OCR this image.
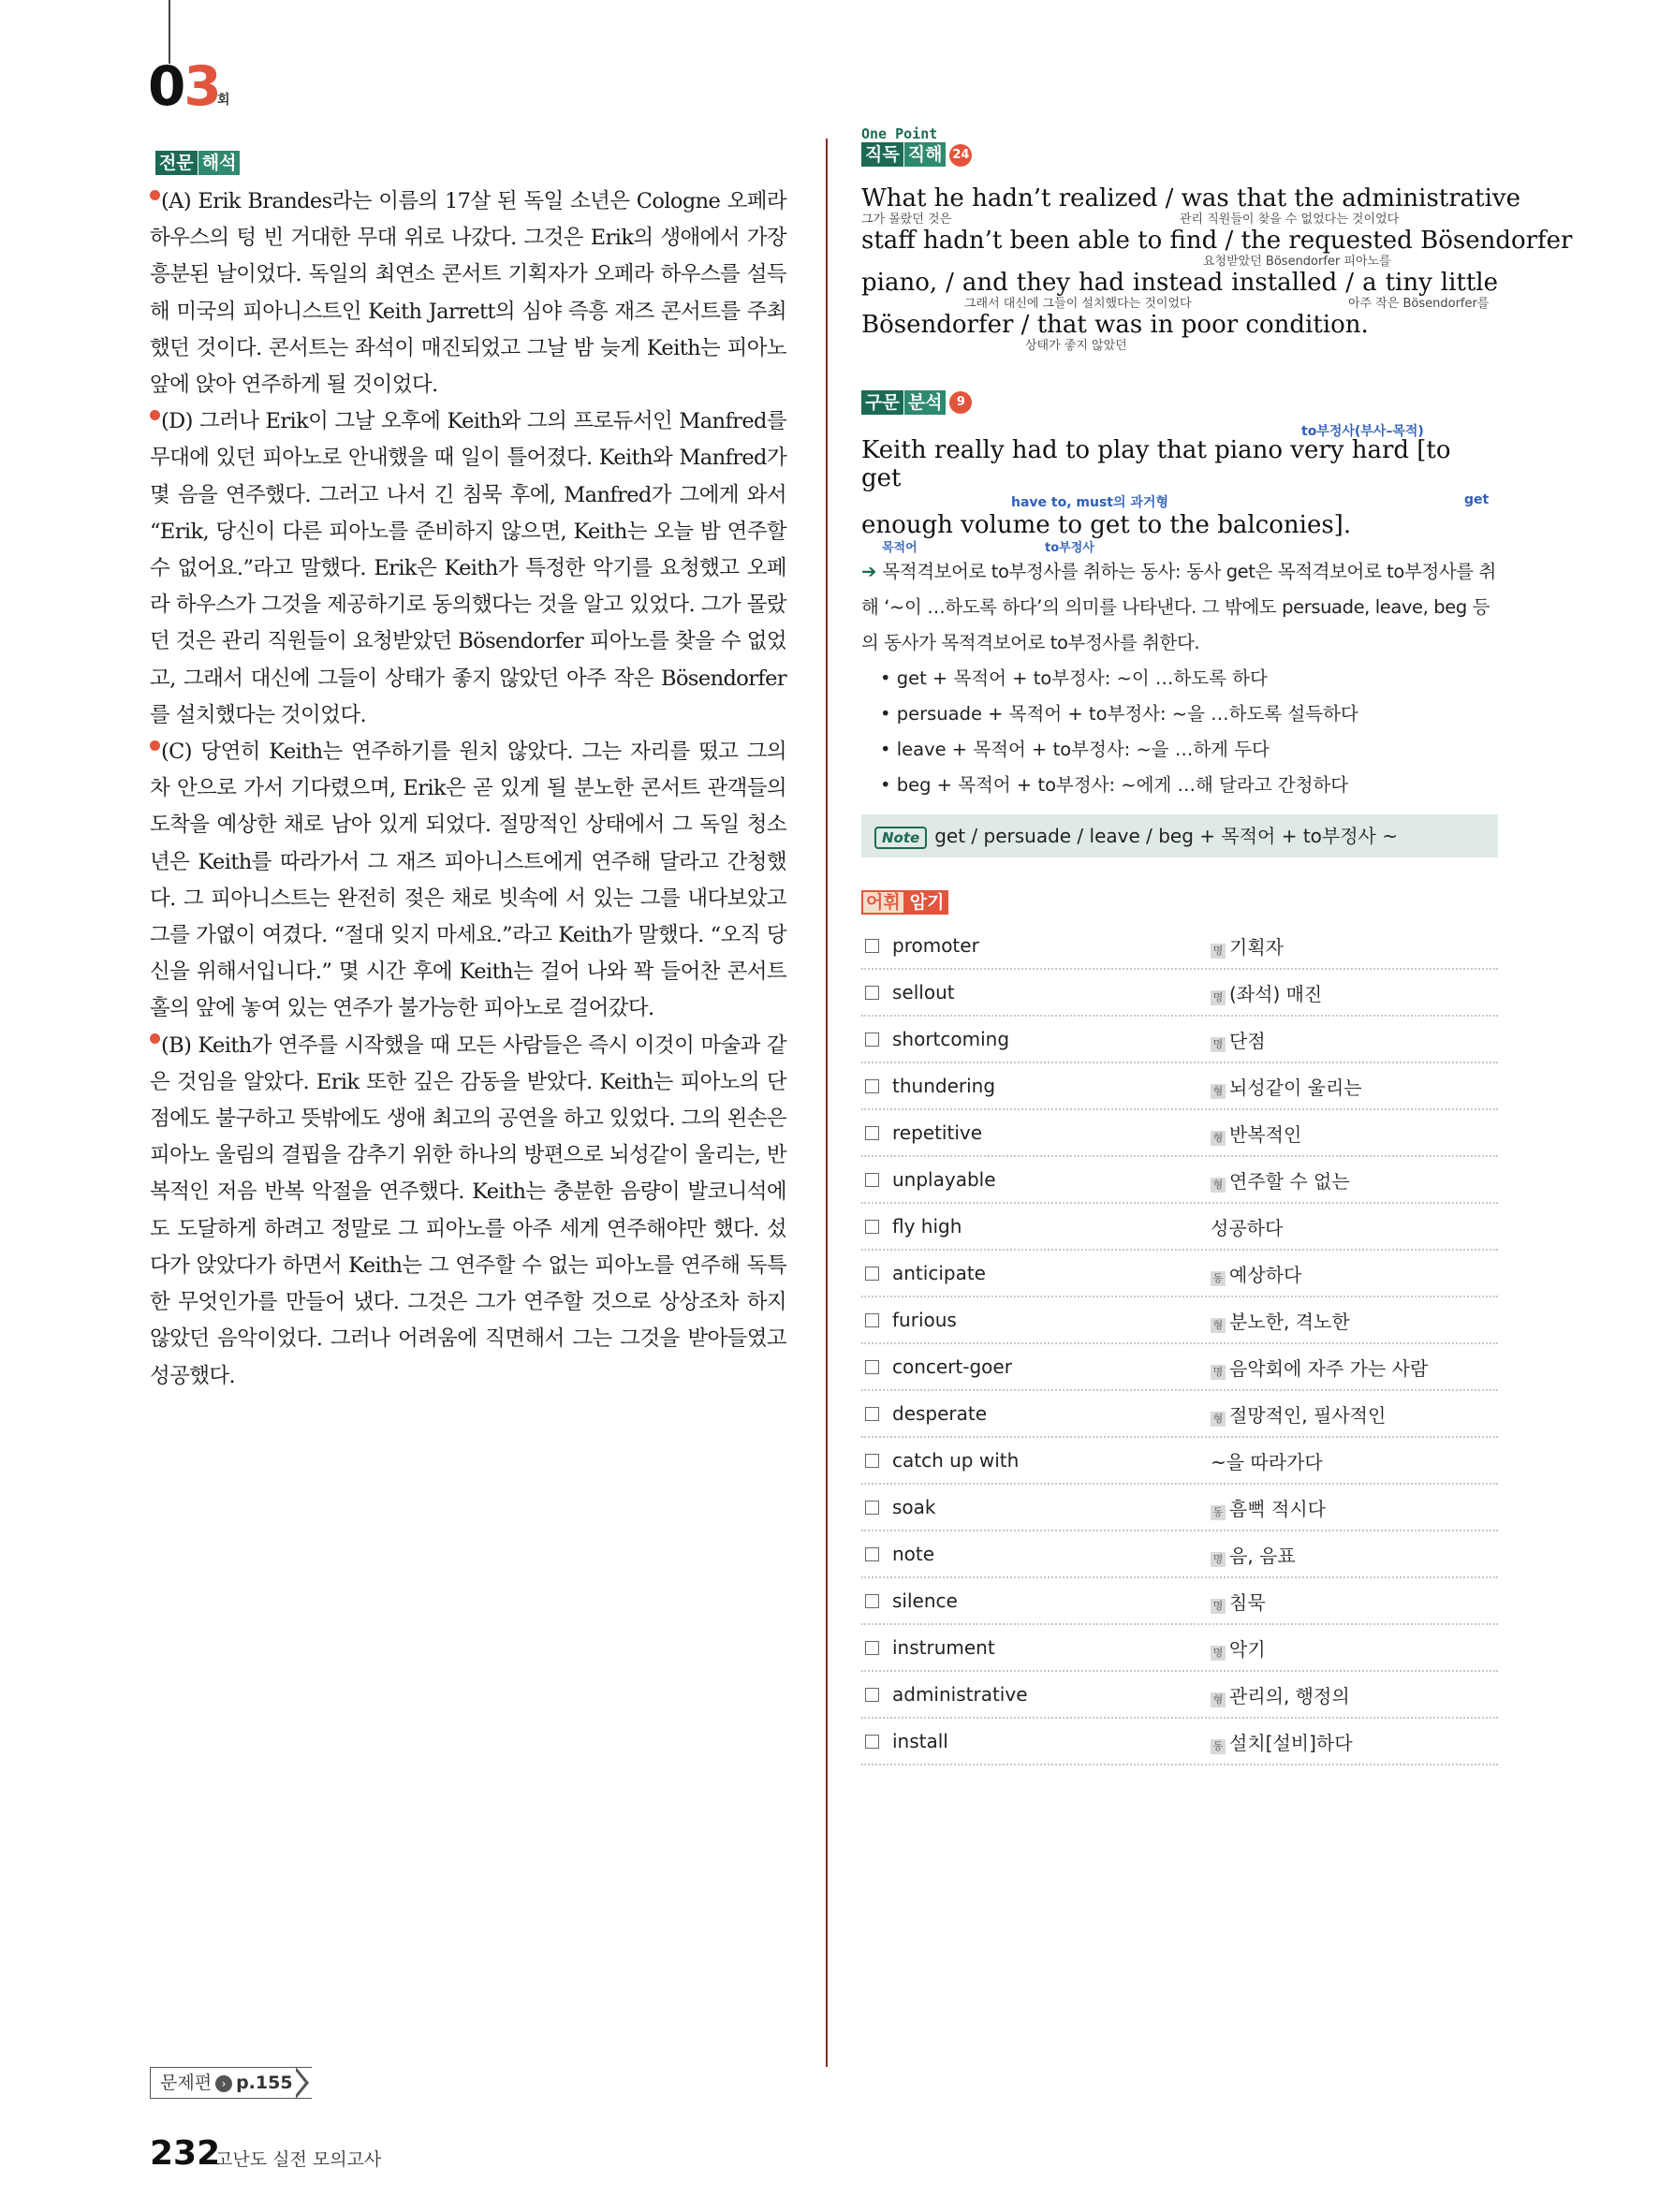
03
회
전문 해석

(A) Erik Brandes라는 이름의 17살 된 독일 소년은 Cologne 오페라 하우스의 텅 빈 거대한 무대 위로 나갔다. 그것은 Erik의 생애에서 가장 흥분된 날이었다. 독일의 최연소 콘서트 기획자가 오페라 하우스를 설득해 미국의 피아니스트인 Keith Jarrett의 심야 즉흥 재즈 콘서트를 주최했던 것이다. 콘서트는 좌석이 매진되었고 그날 밤 늦게 Keith는 피아노 앞에 앉아 연주하게 될 것이었다.

(D) 그러나 Erik이 그날 오후에 Keith와 그의 프로듀서인 Manfred를 무대에 있던 피아노로 안내했을 때 일이 틀어졌다. Keith와 Manfred가 몇 음을 연주했다. 그러고 나서 긴 침묵 후에, Manfred가 그에게 와서 “Erik, 당신이 다른 피아노를 준비하지 않으면, Keith는 오늘 밤 연주할 수 없어요.”라고 말했다. Erik은 Keith가 특정한 악기를 요청했고 오페라 하우스가 그것을 제공하기로 동의했다는 것을 알고 있었다. 그가 몰랐던 것은 관리 직원들이 요청받았던 Bösendorfer 피아노를 찾을 수 없었고, 그래서 대신에 그들이 상태가 좋지 않았던 아주 작은 Bösendorfer를 설치했다는 것이었다.

(C) 당연히 Keith는 연주하기를 원치 않았다. 그는 자리를 떴고 그의 차 안으로 가서 기다렸으며, Erik은 곧 있게 될 분노한 콘서트 관객들의 도착을 예상한 채로 남아 있게 되었다. 절망적인 상태에서 그 독일 청소년은 Keith를 따라가서 그 재즈 피아니스트에게 연주해 달라고 간청했다. 그 피아니스트는 완전히 젖은 채로 빗속에 서 있는 그를 내다보았고 그를 가엾이 여겼다. “절대 잊지 마세요.”라고 Keith가 말했다. “오직 당신을 위해서입니다.” 몇 시간 후에 Keith는 걸어 나와 꽉 들어찬 콘서트홀의 앞에 놓여 있는 연주가 불가능한 피아노로 걸어갔다.

(B) Keith가 연주를 시작했을 때 모든 사람들은 즉시 이것이 마술과 같은 것임을 알았다. Erik 또한 깊은 감동을 받았다. Keith는 피아노의 단점에도 불구하고 뜻밖에도 생애 최고의 공연을 하고 있었다. 그의 왼손은 피아노 울림의 결핍을 감추기 위한 하나의 방편으로 뇌성같이 울리는, 반복적인 저음 반복 악절을 연주했다. Keith는 충분한 음량이 발코니석에도 도달하게 하려고 정말로 그 피아노를 아주 세게 연주해야만 했다. 섰다가 앉았다가 하면서 Keith는 그 연주할 수 없는 피아노를 연주해 독특한 무엇인가를 만들어 냈다. 그것은 그가 연주할 것으로 상상조차 하지 않았던 음악이었다. 그러나 어려움에 직면해서 그는 그것을 받아들였고 성공했다.

One Point
직독 직해 24
What he hadn’t realized / was that the administrative
그가 몰랐던 것은	관리 직원들이 찾을 수 없었다는 것이었다
staff hadn’t been able to find / the requested Bösendorfer
요청받았던 Bösendorfer 피아노를
piano, / and they had instead installed / a tiny little
그래서 대신에 그들이 설치했다는 것이었다	아주 작은 Bösendorfer를
Bösendorfer / that was in poor condition.
상태가 좋지 않았던
구문 분석 9
to부정사(부사–목적)
Keith really had to play that piano very hard [to get
have to, must의 과거형	get
enough volume to get to the balconies].
목적어	to부정사

➔ 목적격보어로 to부정사를 취하는 동사: 동사 get은 목적격보어로 to부정사를 취해 ‘~이 …하도록 하다’의 의미를 나타낸다. 그 밖에도 persuade, leave, beg 등의 동사가 목적격보어로 to부정사를 취한다.

• get + 목적어 + to부정사: ~이 …하도록 하다

• persuade + 목적어 + to부정사: ~을 …하도록 설득하다

• leave + 목적어 + to부정사: ~을 …하게 두다

• beg + 목적어 + to부정사: ~에게 …해 달라고 간청하다

Note get / persuade / leave / beg + 목적어 + to부정사 ~
어휘 암기
promoter	명 기획자
sellout	명 (좌석) 매진
shortcoming	명 단점
thundering	형 뇌성같이 울리는
repetitive	형 반복적인
unplayable	형 연주할 수 없는
fly high	성공하다
anticipate	동 예상하다
furious	형 분노한, 격노한
concert-goer	명 음악회에 자주 가는 사람
desperate	형 절망적인, 필사적인
catch up with	~을 따라가다
soak	동 흠뻑 적시다
note	명 음, 음표
silence	명 침묵
instrument	명 악기
administrative	형 관리의, 행정의
install	동 설치[설비]하다
문제편 › p.155
232
고난도 실전 모의고사
